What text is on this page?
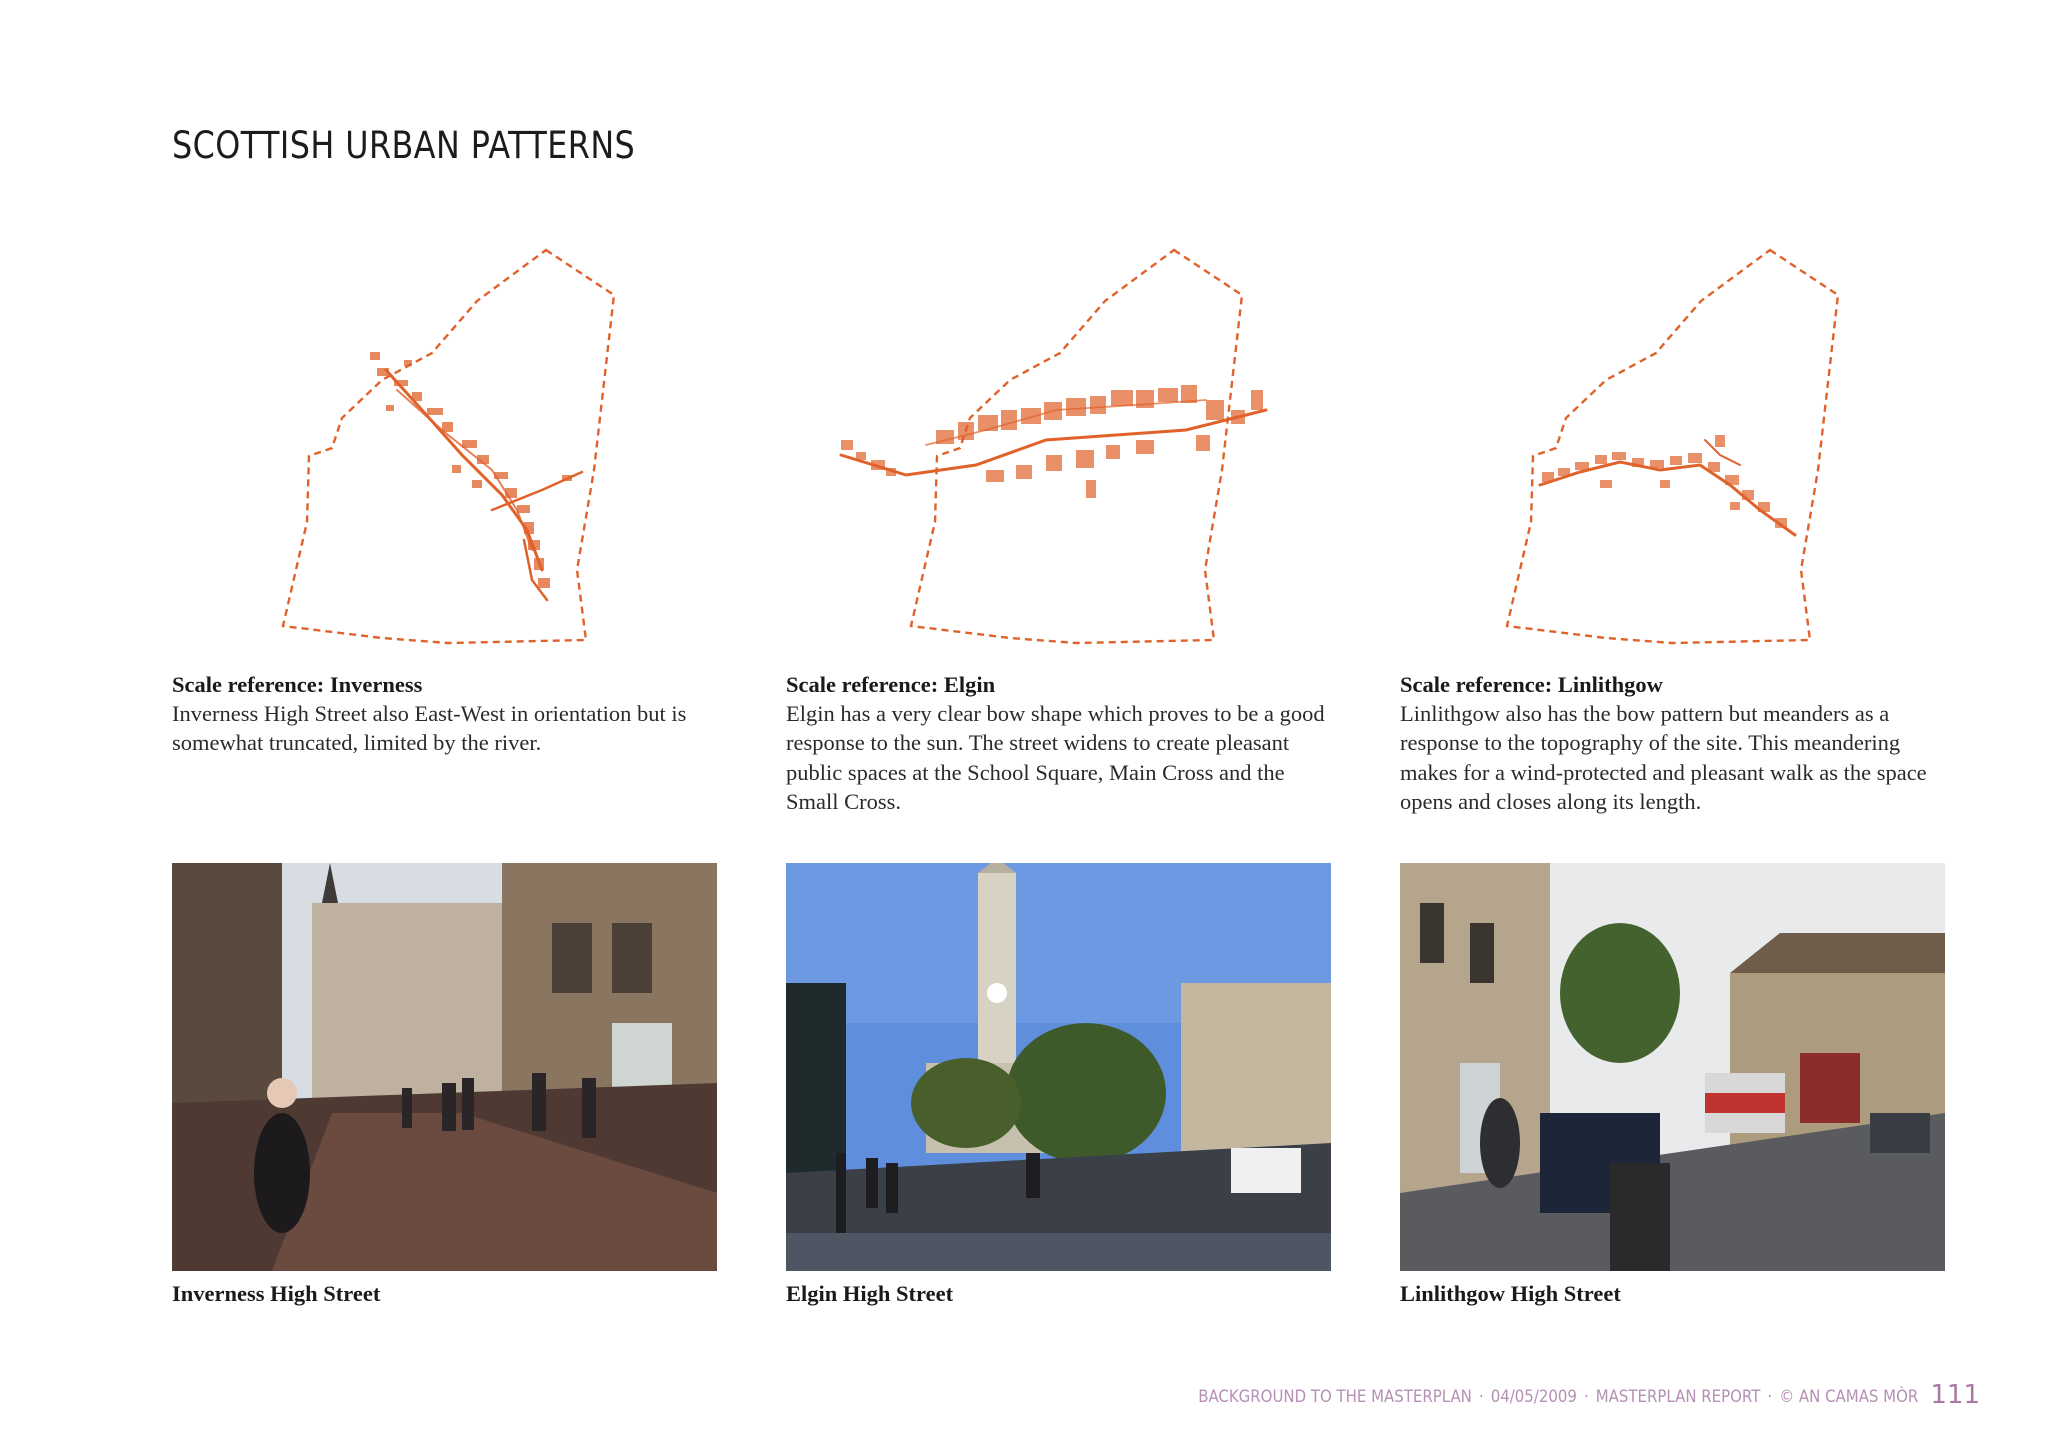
SCOTTISH URBAN PATTERNS
Scale reference: Inverness
Inverness High Street also East-West in orientation but is somewhat truncated, limited by the river.
Inverness High Street
Scale reference: Elgin
Elgin has a very clear bow shape which proves to be a good response to the sun. The street widens to create pleasant public spaces at the School Square, Main Cross and the Small Cross.
Elgin High Street
Scale reference: Linlithgow
Linlithgow also has the bow pattern but meanders as a response to the topography of the site. This meandering makes for a wind-protected and pleasant walk as the space opens and closes along its length.
Linlithgow High Street
BACKGROUND TO THE MASTERPLAN · 04/05/2009 · MASTERPLAN REPORT · © AN CAMAS MÒR 111
